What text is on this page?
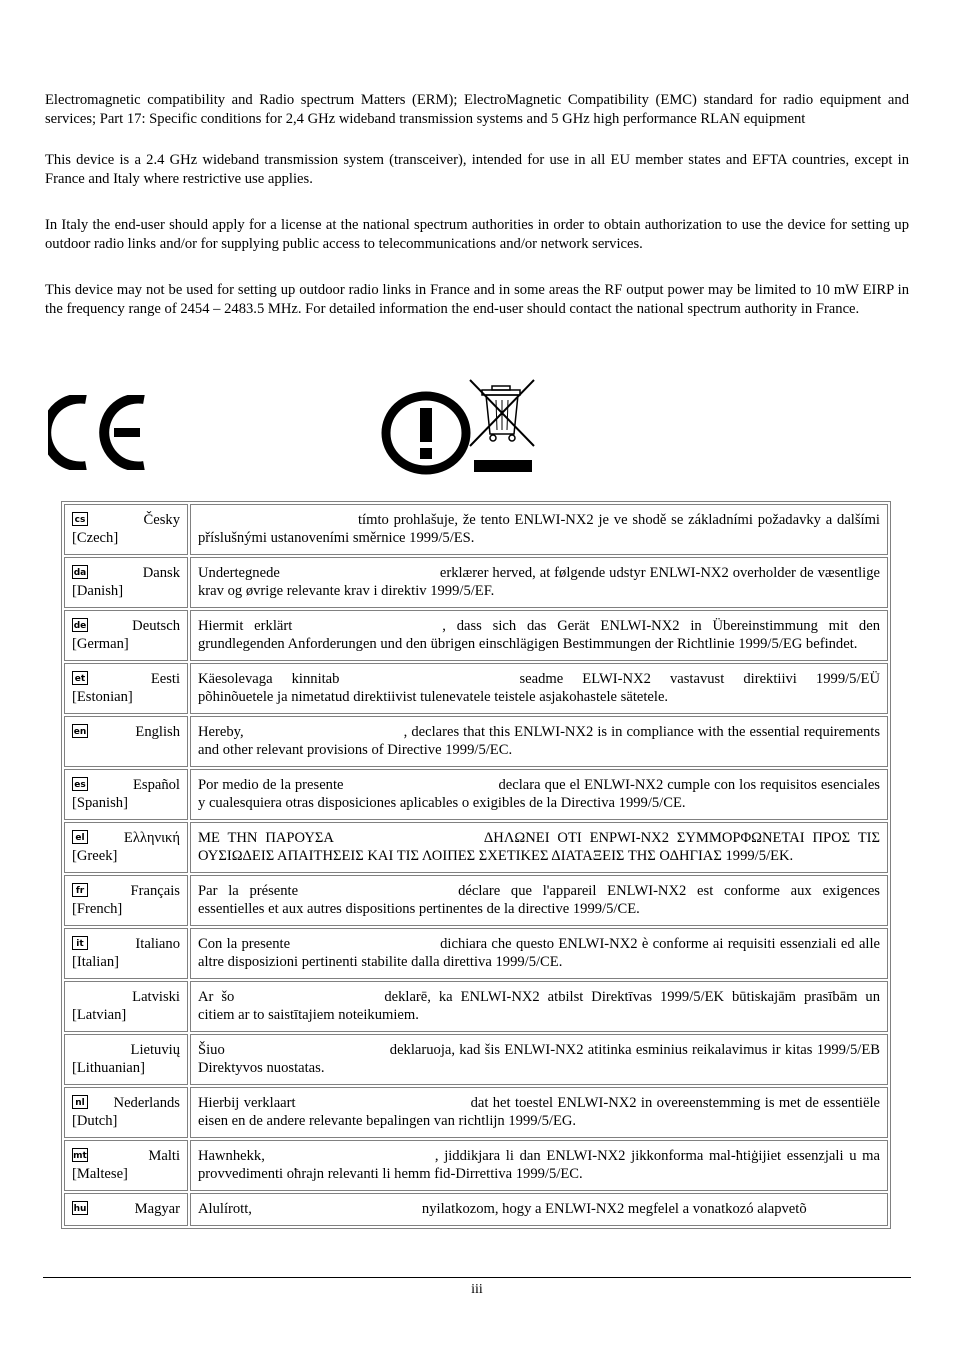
Electromagnetic compatibility and Radio spectrum Matters (ERM); ElectroMagnetic Compatibility (EMC) standard for radio equipment and services; Part 17: Specific conditions for 2,4 GHz wideband transmission systems and 5 GHz high performance RLAN equipment

This device is a 2.4 GHz wideband transmission system (transceiver), intended for use in all EU member states and EFTA countries, except in France and Italy where restrictive use applies.

In Italy the end-user should apply for a license at the national spectrum authorities in order to obtain authorization to use the device for setting up outdoor radio links and/or for supplying public access to telecommunications and/or network services.

This device may not be used for setting up outdoor radio links in France and in some areas the RF output power may be limited to 10 mW EIRP in the frequency range of 2454 – 2483.5 MHz. For detailed information the end-user should contact the national spectrum authority in France.

cs Česky
[Czech]	tímto prohlašuje, že tento ENLWI-NX2 je ve shodě se základními požadavky a dalšími příslušnými ustanoveními směrnice 1999/5/ES.

da Dansk
[Danish]	Undertegnede erklærer herved, at følgende udstyr ENLWI-NX2 overholder de væsentlige krav og øvrige relevante krav i direktiv 1999/5/EF.

de Deutsch
[German]	Hiermit erklärt , dass sich das Gerät ENLWI-NX2 in Übereinstimmung mit den grundlegenden Anforderungen und den übrigen einschlägigen Bestimmungen der Richtlinie 1999/5/EG befindet.

et Eesti
[Estonian]	Käesolevaga kinnitab seadme ELWI-NX2 vastavust direktiivi 1999/5/EÜ põhinõuetele ja nimetatud direktiivist tulenevatele teistele asjakohastele sätetele.

en English	Hereby, , declares that this ENLWI-NX2 is in compliance with the essential requirements and other relevant provisions of Directive 1999/5/EC.

es Español
[Spanish]	Por medio de la presente declara que el ENLWI-NX2 cumple con los requisitos esenciales y cualesquiera otras disposiciones aplicables o exigibles de la Directiva 1999/5/CE.

el Ελληνική
[Greek]	ΜΕ ΤΗΝ ΠΑΡΟΥΣΑ ΔΗΛΩΝΕΙ ΟΤΙ ENPWI-NX2 ΣΥΜΜΟΡΦΩΝΕΤΑΙ ΠΡΟΣ ΤΙΣ ΟΥΣΙΩΔΕΙΣ ΑΠΑΙΤΗΣΕΙΣ ΚΑΙ ΤΙΣ ΛΟΙΠΕΣ ΣΧΕΤΙΚΕΣ ΔΙΑΤΑΞΕΙΣ ΤΗΣ ΟΔΗΓΙΑΣ 1999/5/ΕΚ.

fr Français
[French]	Par la présente déclare que l'appareil ENLWI-NX2 est conforme aux exigences essentielles et aux autres dispositions pertinentes de la directive 1999/5/CE.

it Italiano
[Italian]	Con la presente dichiara che questo ENLWI-NX2 è conforme ai requisiti essenziali ed alle altre disposizioni pertinenti stabilite dalla direttiva 1999/5/CE.

Latviski
[Latvian]	Ar šo deklarē, ka ENLWI-NX2 atbilst Direktīvas 1999/5/EK būtiskajām prasībām un citiem ar to saistītajiem noteikumiem.

Lietuvių
[Lithuanian]	Šiuo deklaruoja, kad šis ENLWI-NX2 atitinka esminius reikalavimus ir kitas 1999/5/EB Direktyvos nuostatas.

nl Nederlands
[Dutch]	Hierbij verklaart dat het toestel ENLWI-NX2 in overeenstemming is met de essentiële eisen en de andere relevante bepalingen van richtlijn 1999/5/EG.

mt Malti
[Maltese]	Hawnhekk, , jiddikjara li dan ENLWI-NX2 jikkonforma mal-ħtiġijiet essenzjali u ma provvedimenti oħrajn relevanti li hemm fid-Dirrettiva 1999/5/EC.

hu Magyar	Alulírott, nyilatkozom, hogy a ENLWI-NX2 megfelel a vonatkozó alapvetõ
iii
